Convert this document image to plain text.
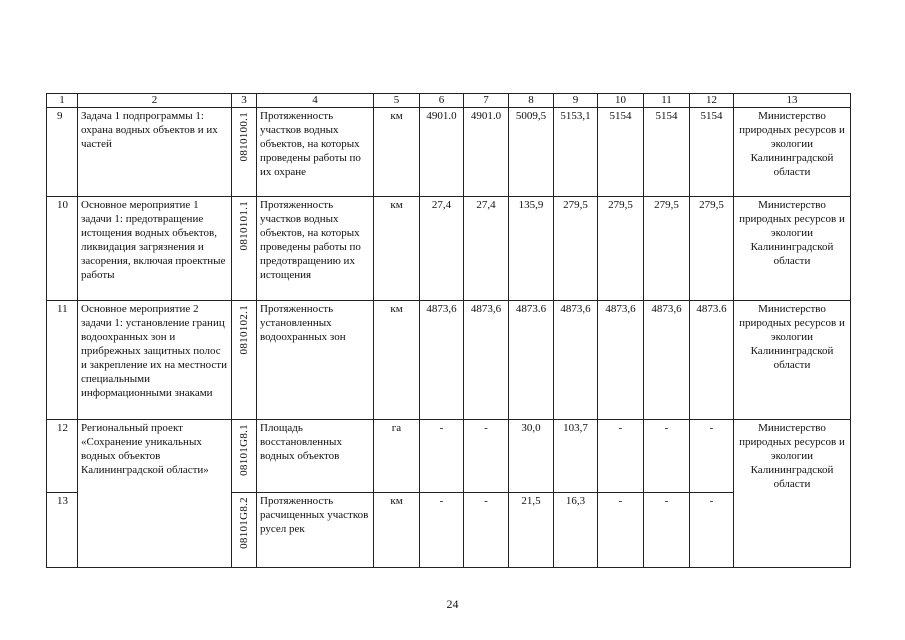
1	2	3	4	5	6	7	8	9	10	11	12	13
9	Задача 1 подпрограммы 1: охрана водных объектов и их частей	0810100.1	Протяженность участков водных объектов, на которых проведены работы по их охране	км	4901.0	4901.0	5009,5	5153,1	5154	5154	5154	Министерство природных ресурсов и экологии Калининградской области
10	Основное мероприятие 1 задачи 1: предотвращение истощения водных объектов, ликвидация загрязнения и засорения, включая проектные работы	0810101.1	Протяженность участков водных объектов, на которых проведены работы по предотвращению их истощения	км	27,4	27,4	135,9	279,5	279,5	279,5	279,5	Министерство природных ресурсов и экологии Калининградской области
11	Основное мероприятие 2 задачи 1: установление границ водоохранных зон и прибрежных защитных полос и закрепление их на местности специальными информационными знаками	0810102.1	Протяженность установленных водоохранных зон	км	4873,6	4873,6	4873.6	4873,6	4873,6	4873,6	4873.6	Министерство природных ресурсов и экологии Калининградской области
12	Региональный проект «Сохранение уникальных водных объектов Калининградской области»	08101G8.1	Площадь восстановленных водных объектов	га	-	-	30,0	103,7	-	-	-	Министерство природных ресурсов и экологии Калининградской области
13		08101G8.2	Протяженность расчищенных участков русел рек	км	-	-	21,5	16,3	-	-	-	
24
